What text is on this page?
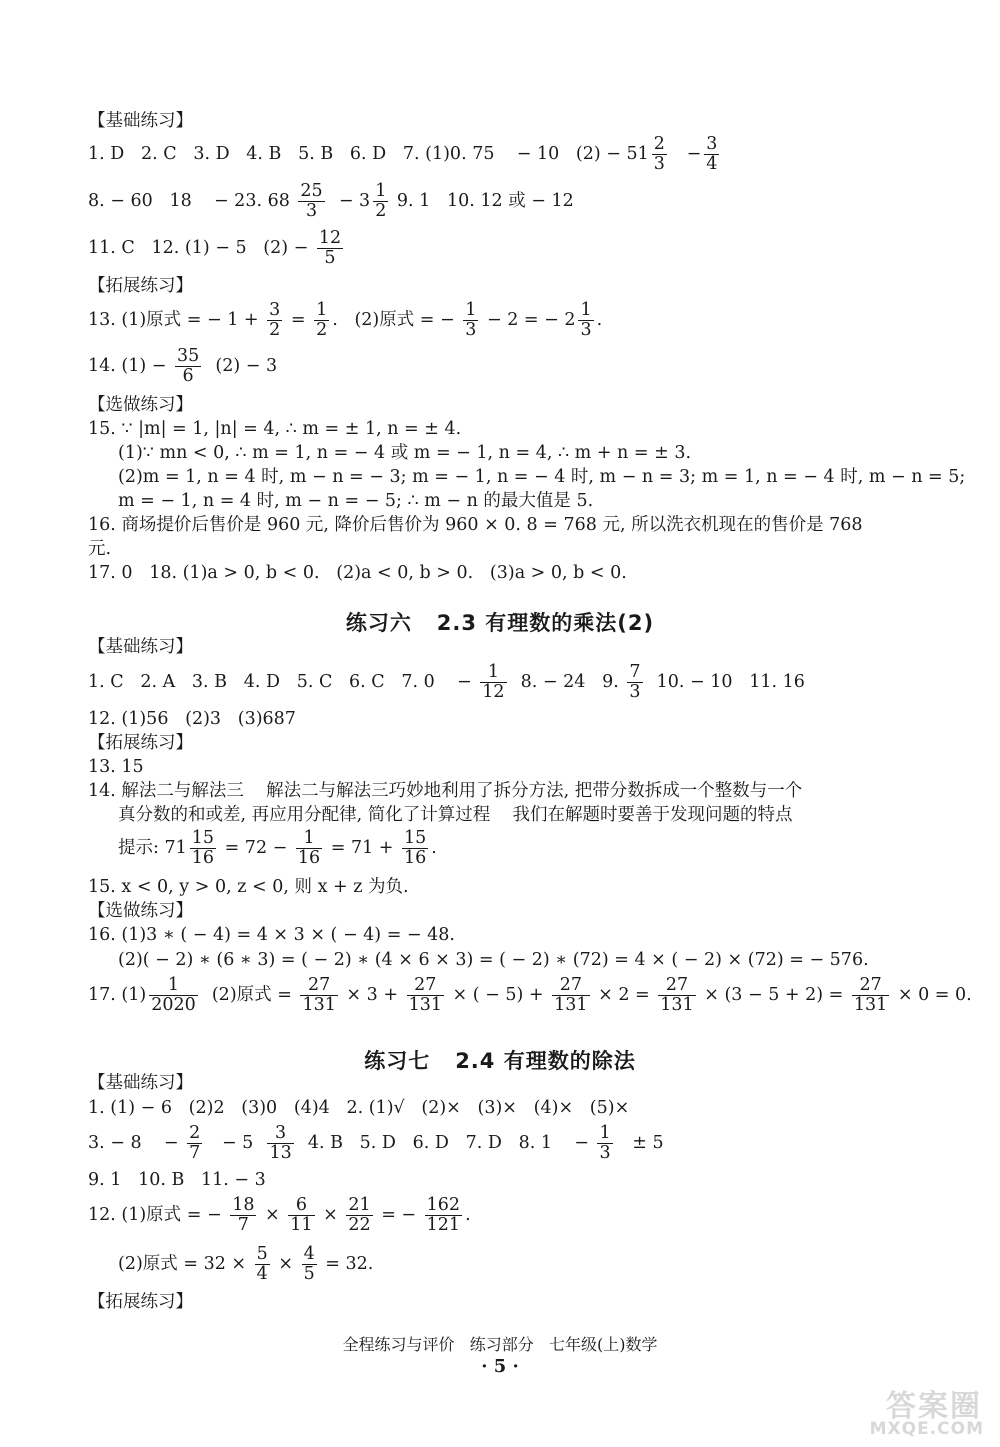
【基础练习】
1. D   2. C   3. D   4. B   5. B   6. D   7. (1)0. 75    − 10   $(2) - 51 \frac{2}{3} - \frac{3}{4}$
8. − 60   18    − 23. $68 \frac{25}{3} - 3 \frac{1}{2} 9$. 1   10. 12 或 − 12
11. C   12. (1) − 5   $(2) - \frac{12}{5}$
【拓展练习】
13. (1)原式 = − $1 + \frac{3}{2} = \frac{1}{2}$ .   (2)原式 = − $\frac{1}{3} - 2$ = − $2 \frac{1}{3}$ .
14. $(1) - \frac{35}{6} (2) - 3$
【选做练习】
15. ∵ |m| = 1, |n| = 4, ∴ m = ± 1, n = ± 4.
(1)∵ mn < 0, ∴ m = 1, n = − 4 或 m = − 1, n = 4, ∴ m + n = ± 3.
(2)m = 1, n = 4 时, m − n = − 3; m = − 1, n = − 4 时, m − n = 3; m = 1, n = − 4 时, m − n = 5;
m = − 1, n = 4 时, m − n = − 5; ∴ m − n 的最大值是 5.
16. 商场提价后售价是 960 元, 降价后售价为 960 × 0. 8 = 768 元, 所以洗衣机现在的售价是 768
元.
17. 0   18. (1)a > 0, b < 0.   (2)a < 0, b > 0.   (3)a > 0, b < 0.
练习六   2.3 有理数的乘法(2)
【基础练习】
1. C   2. A   3. B   4. D   5. C   6. C   7. 0    − $\frac{1}{12} 8$. − 24   9. $\frac{7}{3} 10$. − 10   11. 16
12. (1)56   (2)3   (3)687
【拓展练习】
13. 15
14. 解法二与解法三    解法二与解法三巧妙地利用了拆分方法, 把带分数拆成一个整数与一个
真分数的和或差, 再应用分配律, 简化了计算过程    我们在解题时要善于发现问题的特点
提示: $71 \frac{15}{16} = 72 - \frac{1}{16} = 71 + \frac{15}{16}$ .
15. x < 0, y > 0, z < 0, 则 x + z 为负.
【选做练习】
16. (1)3 ∗ ( − 4) = 4 × 3 × ( − 4) = − 48.
(2)( − 2) ∗ (6 ∗ 3) = ( − 2) ∗ (4 × 6 × 3) = ( − 2) ∗ (72) = 4 × ( − 2) × (72) = − 576.
17. $(1) \frac{1}{2020} (2)$原式 = $\frac{27}{131} \times 3 + \frac{27}{131}$ × ( − $5) + \frac{27}{131} \times 2 = \frac{27}{131} \times (3 - 5 + 2) = \frac{27}{131} \times 0 = 0$.
练习七   2.4 有理数的除法
【基础练习】
1. (1) − 6   (2)2   (3)0   (4)4   2. (1)√   (2)×   (3)×   (4)×   (5)×
3. − 8    − $\frac{2}{7} - 5 \frac{3}{13} 4$. B   5. D   6. D   7. D   8. 1    − $\frac{1}{3} \pm 5$
9. 1   10. B   11. − 3
12. (1)原式 = − $\frac{18}{7} \times \frac{6}{11} \times \frac{21}{22}$ = − $\frac{162}{121}$ .
(2)原式 = $32 \times \frac{5}{4} \times \frac{4}{5} = 32$.
【拓展练习】
全程练习与评价   练习部分   七年级(上)数学
· 5 ·
答案圈
MXQE.COM
